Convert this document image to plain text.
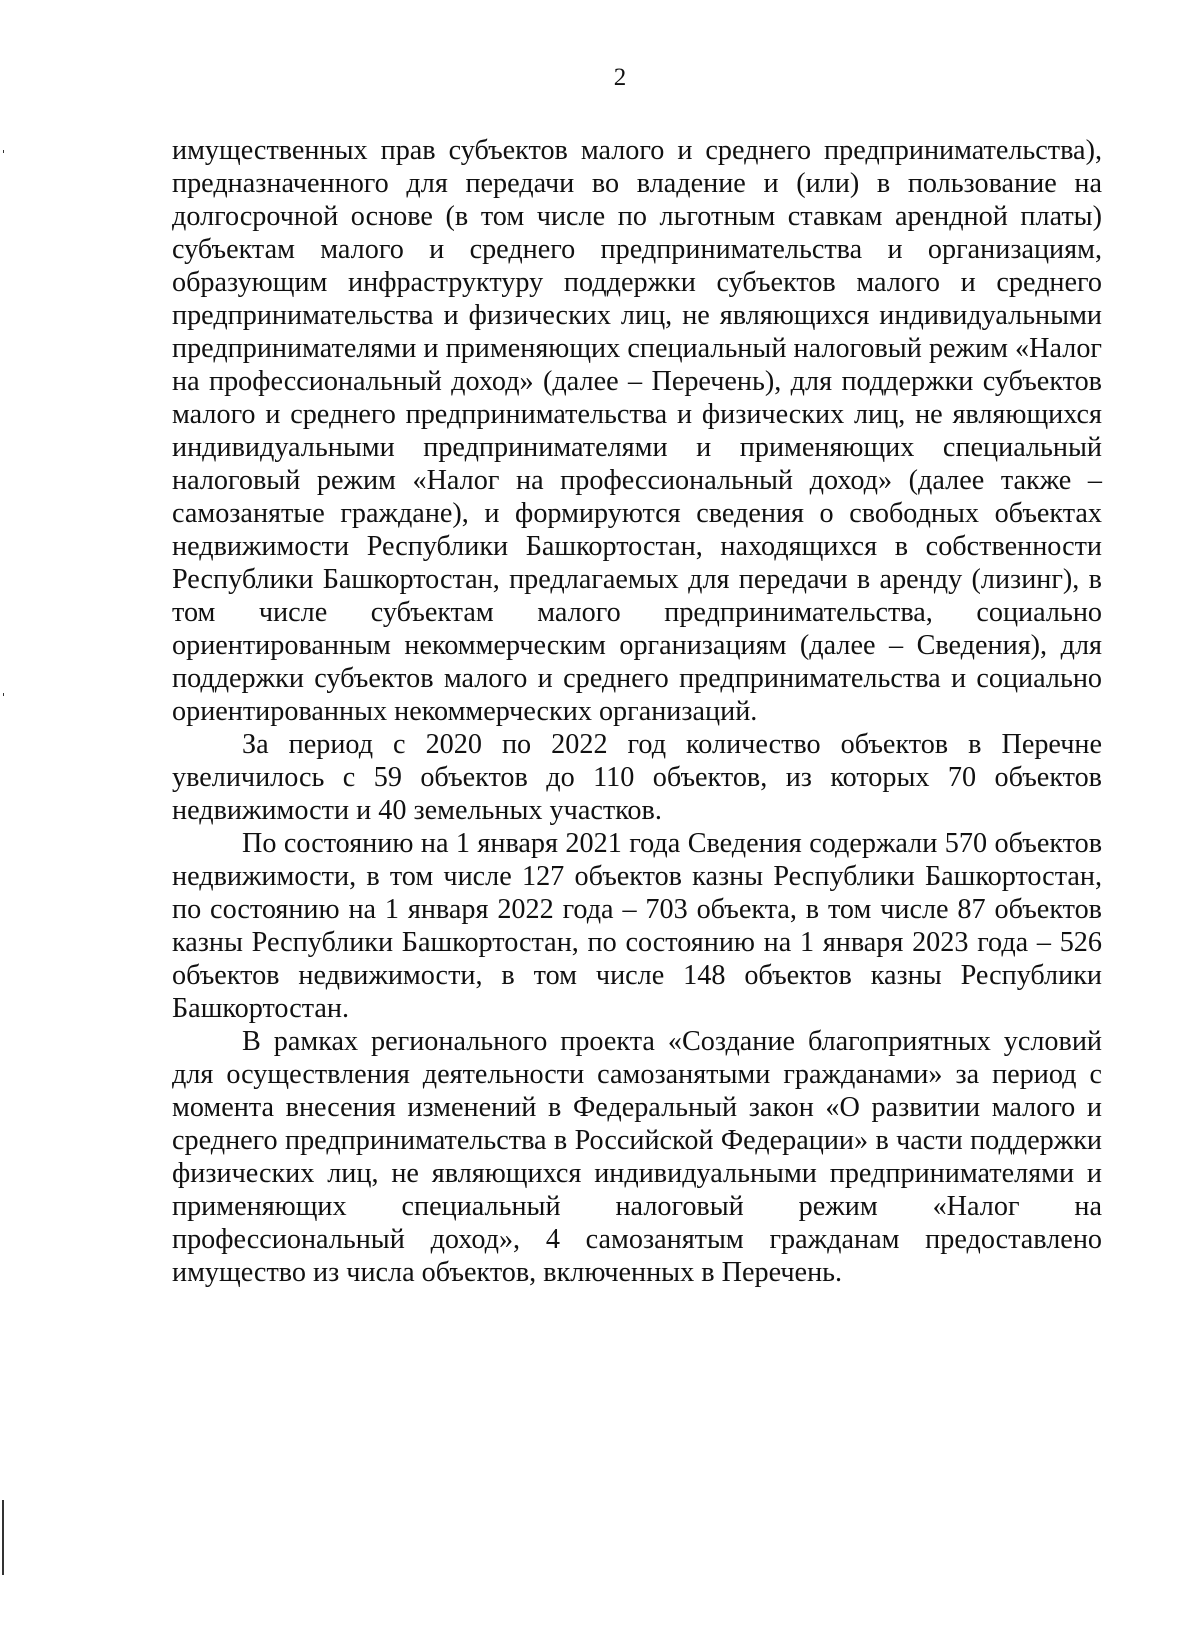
2

имущественных прав субъектов малого и среднего предпринимательства), предназначенного для передачи во владение и (или) в пользование на долгосрочной основе (в том числе по льготным ставкам арендной платы) субъектам малого и среднего предпринимательства и организациям, образующим инфраструктуру поддержки субъектов малого и среднего предпринимательства и физических лиц, не являющихся индивидуальными предпринимателями и применяющих специальный налоговый режим «Налог на профессиональный доход» (далее – Перечень), для поддержки субъектов малого и среднего предпринимательства и физических лиц, не являющихся индивидуальными предпринимателями и применяющих специальный налоговый режим «Налог на профессиональный доход» (далее также – самозанятые граждане), и формируются сведения о свободных объектах недвижимости Республики Башкортостан, находящихся в собственности Республики Башкортостан, предлагаемых для передачи в аренду (лизинг), в том числе субъектам малого предпринимательства, социально ориентированным некоммерческим организациям (далее – Сведения), для поддержки субъектов малого и среднего предпринимательства и социально ориентированных некоммерческих организаций.

За период с 2020 по 2022 год количество объектов в Перечне увеличилось с 59 объектов до 110 объектов, из которых 70 объектов недвижимости и 40 земельных участков.

По состоянию на 1 января 2021 года Сведения содержали 570 объектов недвижимости, в том числе 127 объектов казны Республики Башкортостан, по состоянию на 1 января 2022 года – 703 объекта, в том числе 87 объектов казны Республики Башкортостан, по состоянию на 1 января 2023 года – 526 объектов недвижимости, в том числе 148 объектов казны Республики Башкортостан.

В рамках регионального проекта «Создание благоприятных условий для осуществления деятельности самозанятыми гражданами» за период с момента внесения изменений в Федеральный закон «О развитии малого и среднего предпринимательства в Российской Федерации» в части поддержки физических лиц, не являющихся индивидуальными предпринимателями и применяющих специальный налоговый режим «Налог на профессиональный доход», 4 самозанятым гражданам предоставлено имущество из числа объектов, включенных в Перечень.
